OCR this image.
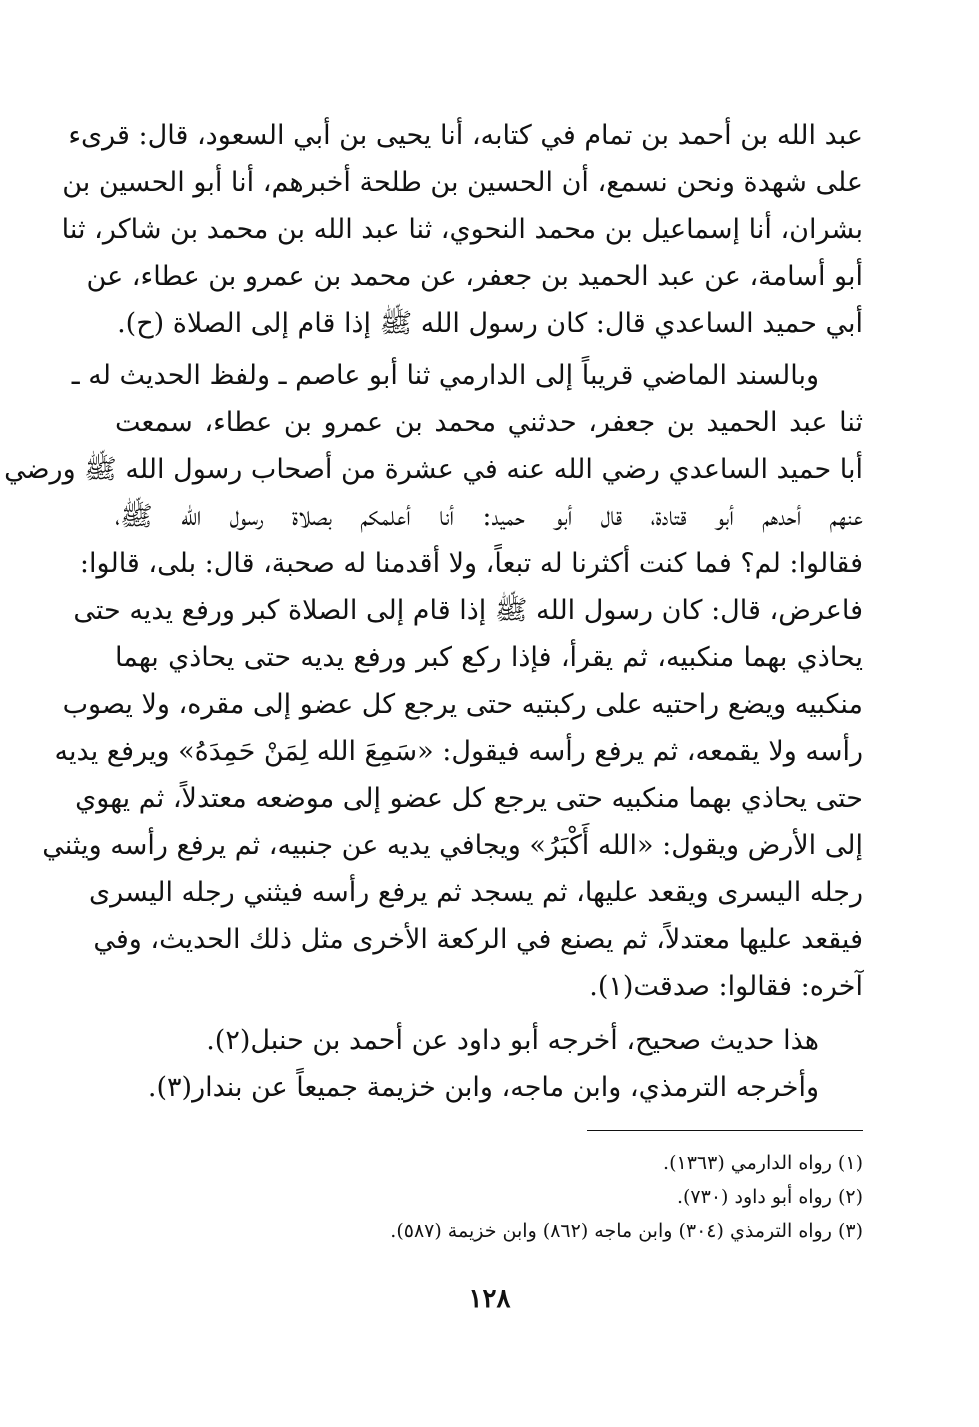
عبد الله بن أحمد بن تمام في كتابه، أنا يحيى بن أبي السعود، قال: قرىء
على شهدة ونحن نسمع، أن الحسين بن طلحة أخبرهم، أنا أبو الحسين بن
بشران، أنا إسماعيل بن محمد النحوي، ثنا عبد الله بن محمد بن شاكر، ثنا
أبو أسامة، عن عبد الحميد بن جعفر، عن محمد بن عمرو بن عطاء، عن
أبي حميد الساعدي قال: كان رسول الله ﷺ إذا قام إلى الصلاة (ح).
وبالسند الماضي قريباً إلى الدارمي ثنا أبو عاصم ـ ولفظ الحديث له ـ
ثنا عبد الحميد بن جعفر، حدثني محمد بن عمرو بن عطاء، سمعت
أبا حميد الساعدي رضي الله عنه في عشرة من أصحاب رسول الله ﷺ ورضي
عنهم أحدهم أبو قتادة، قال أبو حميد: أنا أعلمكم بصلاة رسول الله ﷺ،
فقالوا: لم؟ فما كنت أكثرنا له تبعاً، ولا أقدمنا له صحبة، قال: بلى، قالوا:
فاعرض، قال: كان رسول الله ﷺ إذا قام إلى الصلاة كبر ورفع يديه حتى
يحاذي بهما منكبيه، ثم يقرأ، فإذا ركع كبر ورفع يديه حتى يحاذي بهما
منكبيه ويضع راحتيه على ركبتيه حتى يرجع كل عضو إلى مقره، ولا يصوب
رأسه ولا يقمعه، ثم يرفع رأسه فيقول: «سَمِعَ الله لِمَنْ حَمِدَهُ» ويرفع يديه
حتى يحاذي بهما منكبيه حتى يرجع كل عضو إلى موضعه معتدلاً، ثم يهوي
إلى الأرض ويقول: «الله أَكْبَرُ» ويجافي يديه عن جنبيه، ثم يرفع رأسه ويثني
رجله اليسرى ويقعد عليها، ثم يسجد ثم يرفع رأسه فيثني رجله اليسرى
فيقعد عليها معتدلاً، ثم يصنع في الركعة الأخرى مثل ذلك الحديث، وفي
آخره: فقالوا: صدقت(١).
هذا حديث صحيح، أخرجه أبو داود عن أحمد بن حنبل(٢).
وأخرجه الترمذي، وابن ماجه، وابن خزيمة جميعاً عن بندار(٣).
(١) رواه الدارمي (١٣٦٣).
(٢) رواه أبو داود (٧٣٠).
(٣) رواه الترمذي (٣٠٤) وابن ماجه (٨٦٢) وابن خزيمة (٥٨٧).
١٢٨
